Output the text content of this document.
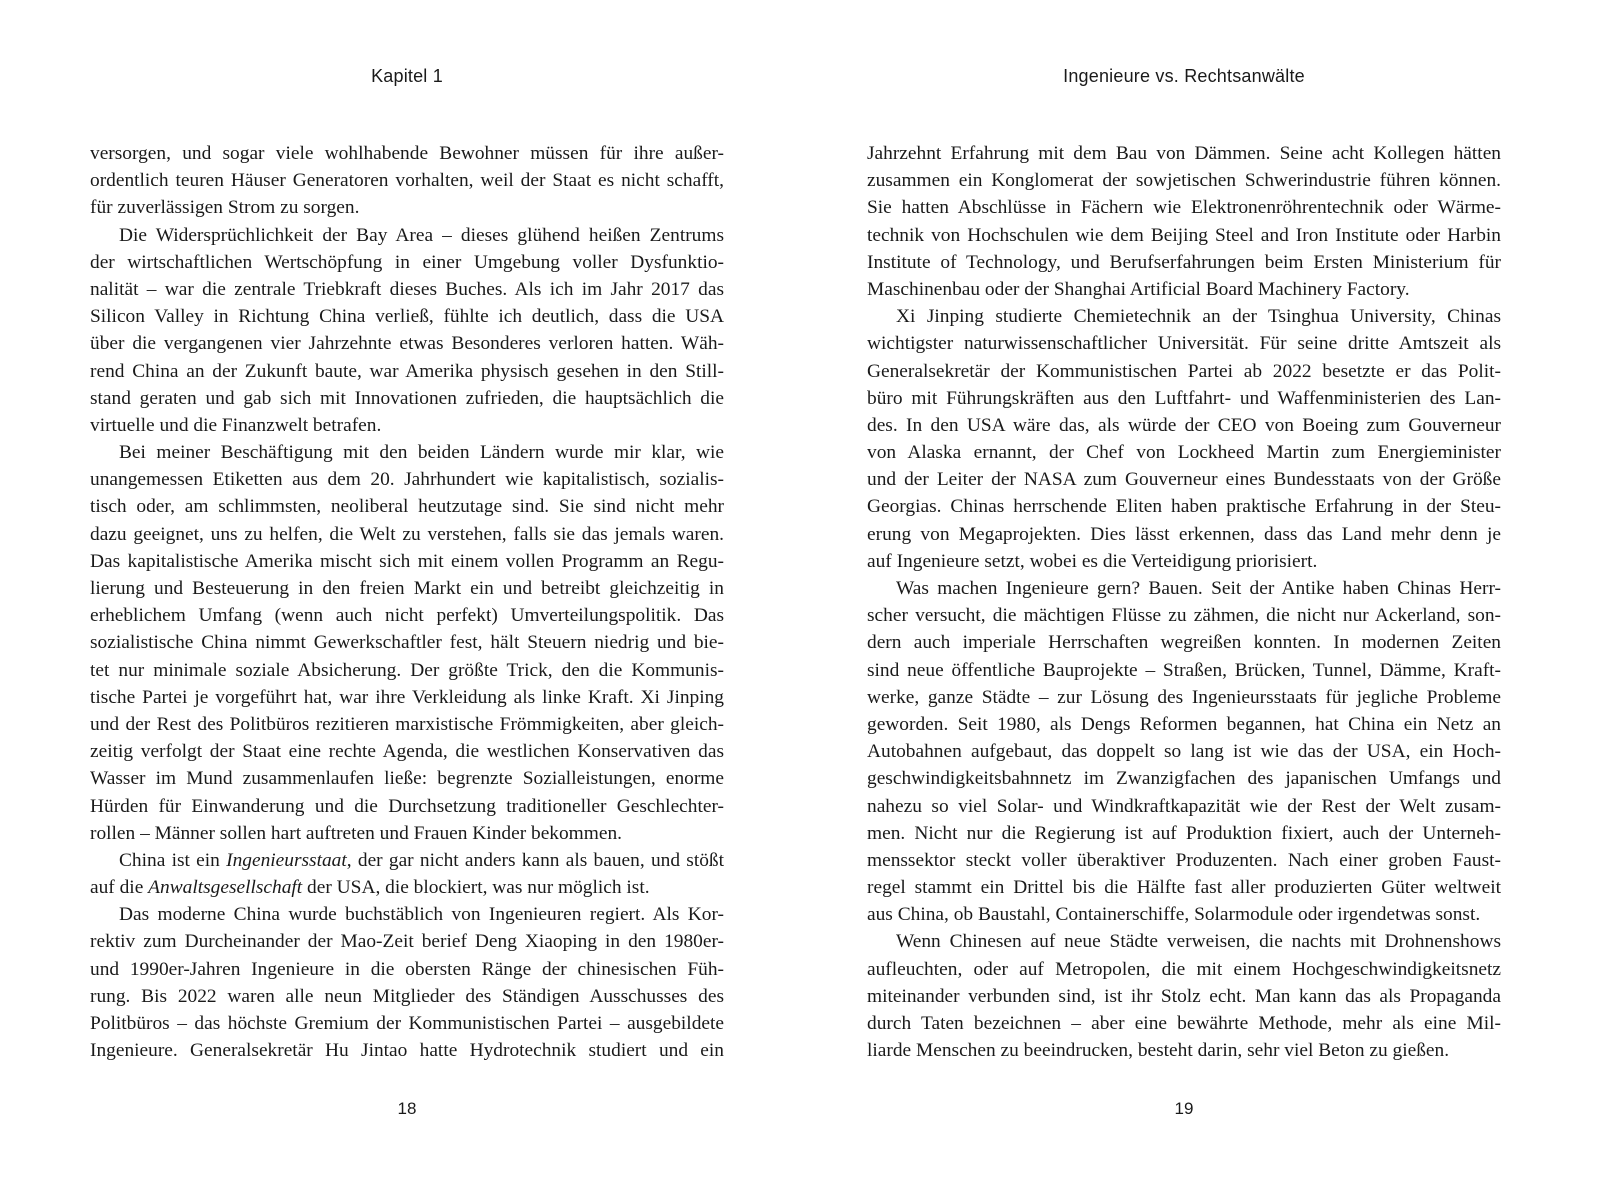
Kapitel 1
versorgen, und sogar viele wohlhabende Bewohner müssen für ihre außer-
ordentlich teuren Häuser Generatoren vorhalten, weil der Staat es nicht schafft,
für zuverlässigen Strom zu sorgen.
Die Widersprüchlichkeit der Bay Area – dieses glühend heißen Zentrums
der wirtschaftlichen Wertschöpfung in einer Umgebung voller Dysfunktio-
nalität – war die zentrale Triebkraft dieses Buches. Als ich im Jahr 2017 das
Silicon Valley in Richtung China verließ, fühlte ich deutlich, dass die USA
über die vergangenen vier Jahrzehnte etwas Besonderes verloren hatten. Wäh-
rend China an der Zukunft baute, war Amerika physisch gesehen in den Still-
stand geraten und gab sich mit Innovationen zufrieden, die hauptsächlich die
virtuelle und die Finanzwelt betrafen.
Bei meiner Beschäftigung mit den beiden Ländern wurde mir klar, wie
unangemessen Etiketten aus dem 20. Jahrhundert wie kapitalistisch, sozialis-
tisch oder, am schlimmsten, neoliberal heutzutage sind. Sie sind nicht mehr
dazu geeignet, uns zu helfen, die Welt zu verstehen, falls sie das jemals waren.
Das kapitalistische Amerika mischt sich mit einem vollen Programm an Regu-
lierung und Besteuerung in den freien Markt ein und betreibt gleichzeitig in
erheblichem Umfang (wenn auch nicht perfekt) Umverteilungspolitik. Das
sozialistische China nimmt Gewerkschaftler fest, hält Steuern niedrig und bie-
tet nur minimale soziale Absicherung. Der größte Trick, den die Kommunis-
tische Partei je vorgeführt hat, war ihre Verkleidung als linke Kraft. Xi Jinping
und der Rest des Politbüros rezitieren marxistische Frömmigkeiten, aber gleich-
zeitig verfolgt der Staat eine rechte Agenda, die westlichen Konservativen das
Wasser im Mund zusammenlaufen ließe: begrenzte Sozialleistungen, enorme
Hürden für Einwanderung und die Durchsetzung traditioneller Geschlechter-
rollen – Männer sollen hart auftreten und Frauen Kinder bekommen.
China ist ein Ingenieursstaat, der gar nicht anders kann als bauen, und stößt
auf die Anwaltsgesellschaft der USA, die blockiert, was nur möglich ist.
Das moderne China wurde buchstäblich von Ingenieuren regiert. Als Kor-
rektiv zum Durcheinander der Mao-Zeit berief Deng Xiaoping in den 1980er-
und 1990er-Jahren Ingenieure in die obersten Ränge der chinesischen Füh-
rung. Bis 2022 waren alle neun Mitglieder des Ständigen Ausschusses des
Politbüros – das höchste Gremium der Kommunistischen Partei – ausgebildete
Ingenieure. Generalsekretär Hu Jintao hatte Hydrotechnik studiert und ein
18
Ingenieure vs. Rechtsanwälte
Jahrzehnt Erfahrung mit dem Bau von Dämmen. Seine acht Kollegen hätten
zusammen ein Konglomerat der sowjetischen Schwerindustrie führen können.
Sie hatten Abschlüsse in Fächern wie Elektronenröhrentechnik oder Wärme-
technik von Hochschulen wie dem Beijing Steel and Iron Institute oder Harbin
Institute of Technology, und Berufserfahrungen beim Ersten Ministerium für
Maschinenbau oder der Shanghai Artificial Board Machinery Factory.
Xi Jinping studierte Chemietechnik an der Tsinghua University, Chinas
wichtigster naturwissenschaftlicher Universität. Für seine dritte Amtszeit als
Generalsekretär der Kommunistischen Partei ab 2022 besetzte er das Polit-
büro mit Führungskräften aus den Luftfahrt- und Waffenministerien des Lan-
des. In den USA wäre das, als würde der CEO von Boeing zum Gouverneur
von Alaska ernannt, der Chef von Lockheed Martin zum Energieminister
und der Leiter der NASA zum Gouverneur eines Bundesstaats von der Größe
Georgias. Chinas herrschende Eliten haben praktische Erfahrung in der Steu-
erung von Megaprojekten. Dies lässt erkennen, dass das Land mehr denn je
auf Ingenieure setzt, wobei es die Verteidigung priorisiert.
Was machen Ingenieure gern? Bauen. Seit der Antike haben Chinas Herr-
scher versucht, die mächtigen Flüsse zu zähmen, die nicht nur Ackerland, son-
dern auch imperiale Herrschaften wegreißen konnten. In modernen Zeiten
sind neue öffentliche Bauprojekte – Straßen, Brücken, Tunnel, Dämme, Kraft-
werke, ganze Städte – zur Lösung des Ingenieursstaats für jegliche Probleme
geworden. Seit 1980, als Dengs Reformen begannen, hat China ein Netz an
Autobahnen aufgebaut, das doppelt so lang ist wie das der USA, ein Hoch-
geschwindigkeitsbahnnetz im Zwanzigfachen des japanischen Umfangs und
nahezu so viel Solar- und Windkraftkapazität wie der Rest der Welt zusam-
men. Nicht nur die Regierung ist auf Produktion fixiert, auch der Unterneh-
menssektor steckt voller überaktiver Produzenten. Nach einer groben Faust-
regel stammt ein Drittel bis die Hälfte fast aller produzierten Güter weltweit
aus China, ob Baustahl, Containerschiffe, Solarmodule oder irgendetwas sonst.
Wenn Chinesen auf neue Städte verweisen, die nachts mit Drohnenshows
aufleuchten, oder auf Metropolen, die mit einem Hochgeschwindigkeitsnetz
miteinander verbunden sind, ist ihr Stolz echt. Man kann das als Propaganda
durch Taten bezeichnen – aber eine bewährte Methode, mehr als eine Mil-
liarde Menschen zu beeindrucken, besteht darin, sehr viel Beton zu gießen.
19
